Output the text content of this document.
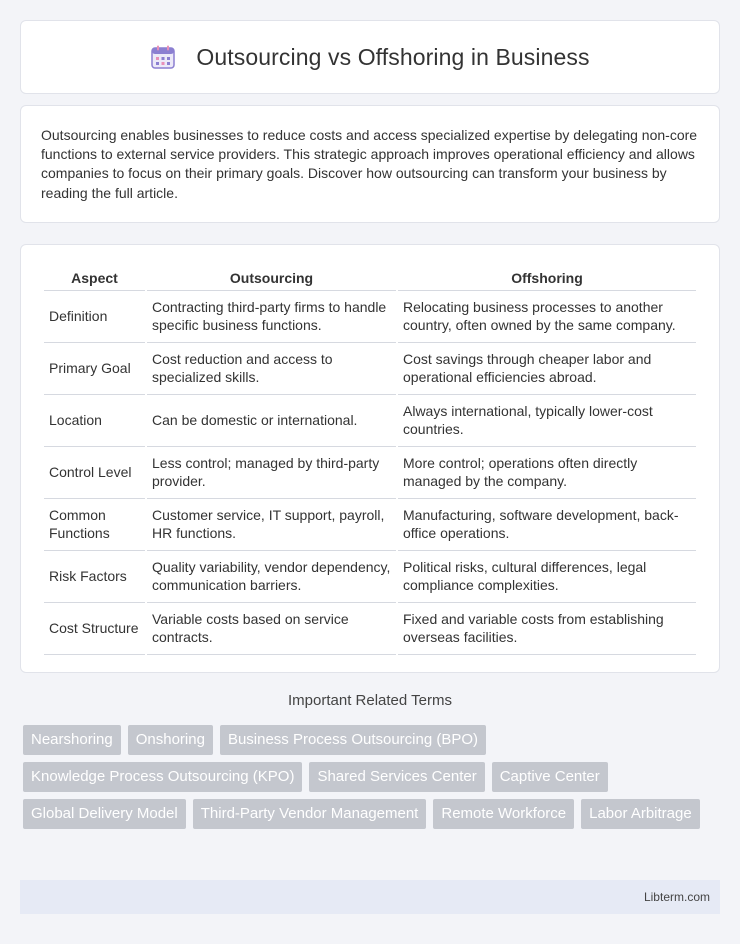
Outsourcing vs Offshoring in Business

Outsourcing enables businesses to reduce costs and access specialized expertise by delegating non-core functions to external service providers. This strategic approach improves operational efficiency and allows companies to focus on their primary goals. Discover how outsourcing can transform your business by reading the full article.

Aspect	Outsourcing	Offshoring
Definition	Contracting third-party firms to handle specific business functions.	Relocating business processes to another country, often owned by the same company.
Primary Goal	Cost reduction and access to specialized skills.	Cost savings through cheaper labor and operational efficiencies abroad.
Location	Can be domestic or international.	Always international, typically lower-cost countries.
Control Level	Less control; managed by third-party provider.	More control; operations often directly managed by the company.
Common Functions	Customer service, IT support, payroll, HR functions.	Manufacturing, software development, back-office operations.
Risk Factors	Quality variability, vendor dependency, communication barriers.	Political risks, cultural differences, legal compliance complexities.
Cost Structure	Variable costs based on service contracts.	Fixed and variable costs from establishing overseas facilities.
Important Related Terms
Nearshoring	Onshoring	Business Process Outsourcing (BPO)
Knowledge Process Outsourcing (KPO)	Shared Services Center	Captive Center
Global Delivery Model	Third-Party Vendor Management	Remote Workforce	Labor Arbitrage
Libterm.com
